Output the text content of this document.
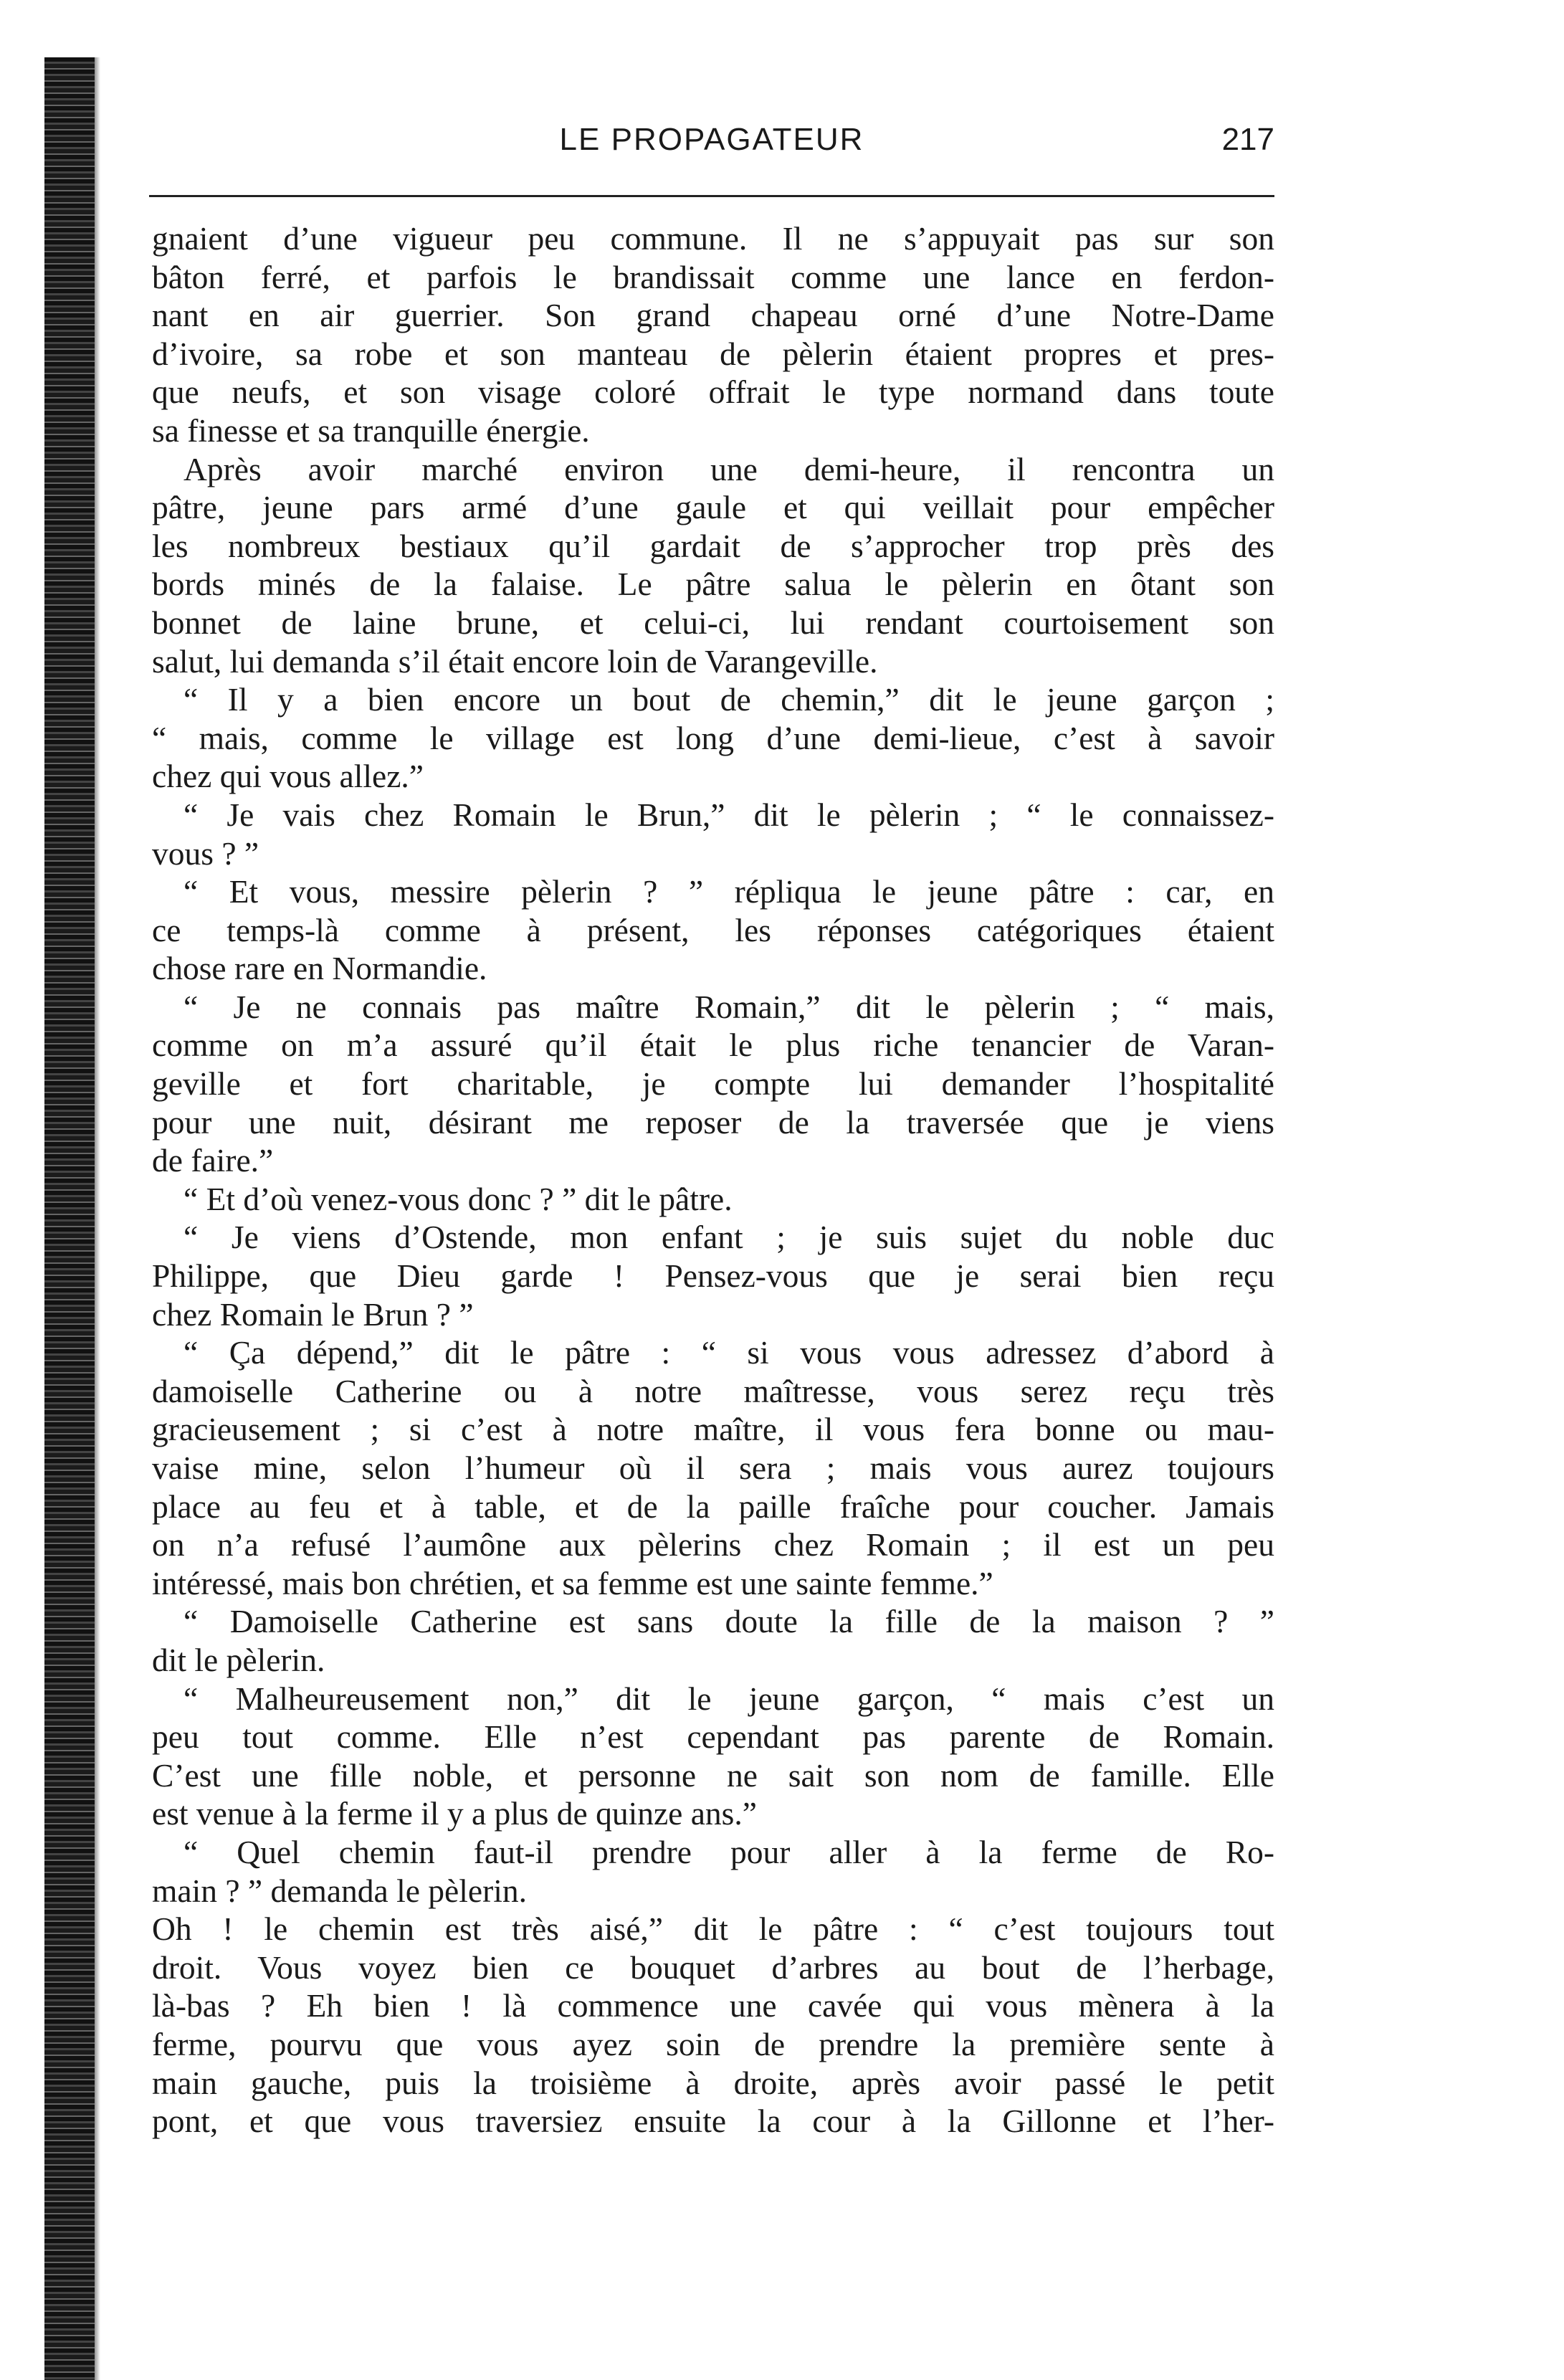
LE PROPAGATEUR	217
gnaient d’une vigueur peu commune. Il ne s’appuyait pas sur son
bâton ferré, et parfois le brandissait comme une lance en ferdon-
nant en air guerrier. Son grand chapeau orné d’une Notre-Dame
d’ivoire, sa robe et son manteau de pèlerin étaient propres et pres-
que neufs, et son visage coloré offrait le type normand dans toute
sa finesse et sa tranquille énergie.
Après avoir marché environ une demi-heure, il rencontra un
pâtre, jeune pars armé d’une gaule et qui veillait pour empêcher
les nombreux bestiaux qu’il gardait de s’approcher trop près des
bords minés de la falaise. Le pâtre salua le pèlerin en ôtant son
bonnet de laine brune, et celui-ci, lui rendant courtoisement son
salut, lui demanda s’il était encore loin de Varangeville.
“ Il y a bien encore un bout de chemin,” dit le jeune garçon ;
“ mais, comme le village est long d’une demi-lieue, c’est à savoir
chez qui vous allez.”
“ Je vais chez Romain le Brun,” dit le pèlerin ; “ le connaissez-
vous ? ”
“ Et vous, messire pèlerin ? ” répliqua le jeune pâtre : car, en
ce temps-là comme à présent, les réponses catégoriques étaient
chose rare en Normandie.
“ Je ne connais pas maître Romain,” dit le pèlerin ; “ mais,
comme on m’a assuré qu’il était le plus riche tenancier de Varan-
geville et fort charitable, je compte lui demander l’hospitalité
pour une nuit, désirant me reposer de la traversée que je viens
de faire.”
“ Et d’où venez-vous donc ? ” dit le pâtre.
“ Je viens d’Ostende, mon enfant ; je suis sujet du noble duc
Philippe, que Dieu garde ! Pensez-vous que je serai bien reçu
chez Romain le Brun ? ”
“ Ça dépend,” dit le pâtre : “ si vous vous adressez d’abord à
damoiselle Catherine ou à notre maîtresse, vous serez reçu très
gracieusement ; si c’est à notre maître, il vous fera bonne ou mau-
vaise mine, selon l’humeur où il sera ; mais vous aurez toujours
place au feu et à table, et de la paille fraîche pour coucher. Jamais
on n’a refusé l’aumône aux pèlerins chez Romain ; il est un peu
intéressé, mais bon chrétien, et sa femme est une sainte femme.”
“ Damoiselle Catherine est sans doute la fille de la maison ? ”
dit le pèlerin.
“ Malheureusement non,” dit le jeune garçon, “ mais c’est un
peu tout comme. Elle n’est cependant pas parente de Romain.
C’est une fille noble, et personne ne sait son nom de famille. Elle
est venue à la ferme il y a plus de quinze ans.”
“ Quel chemin faut-il prendre pour aller à la ferme de Ro-
main ? ” demanda le pèlerin.
Oh ! le chemin est très aisé,” dit le pâtre : “ c’est toujours tout
droit. Vous voyez bien ce bouquet d’arbres au bout de l’herbage,
là-bas ? Eh bien ! là commence une cavée qui vous mènera à la
ferme, pourvu que vous ayez soin de prendre la première sente à
main gauche, puis la troisième à droite, après avoir passé le petit
pont, et que vous traversiez ensuite la cour à la Gillonne et l’her-
